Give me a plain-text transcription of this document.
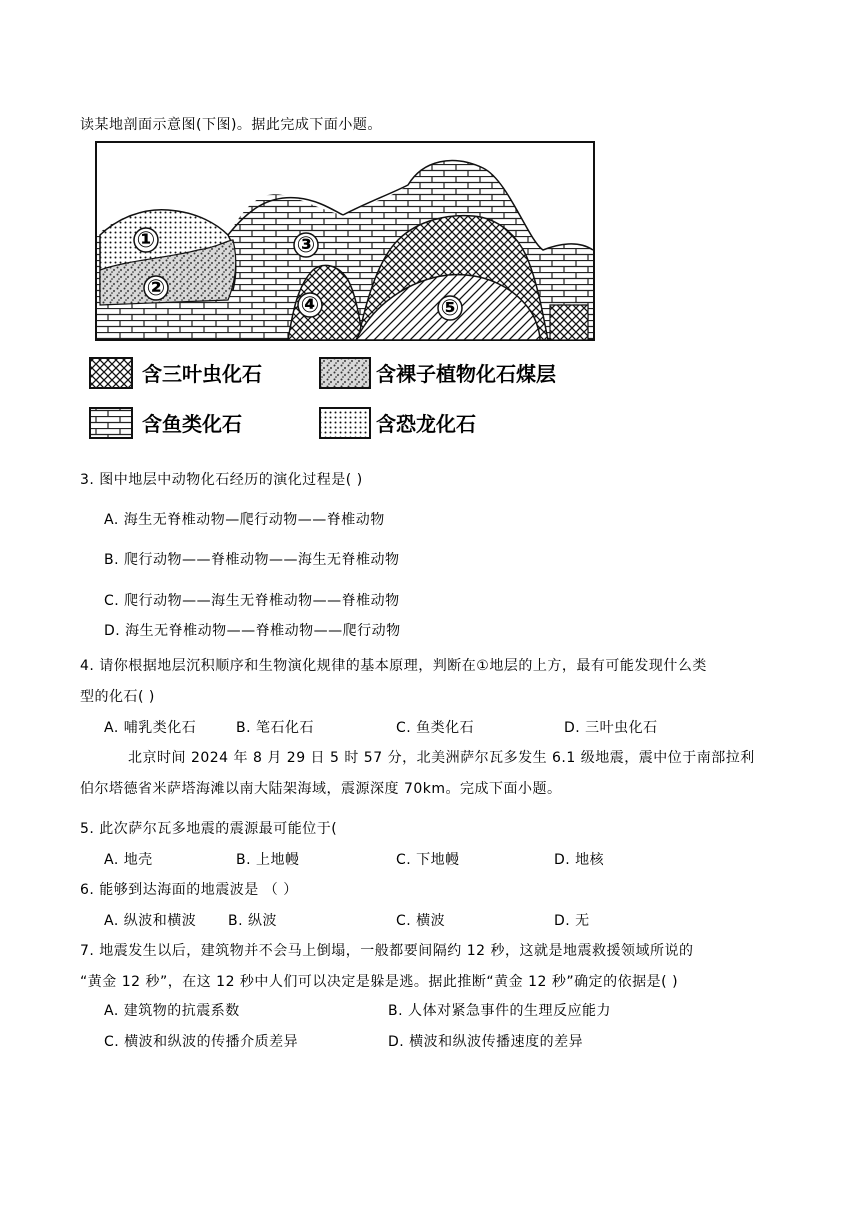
读某地剖面示意图(下图)。据此完成下面小题。
①
②
③
④	⑤
含三叶虫化石	含裸子植物化石煤层
含鱼类化石	含恐龙化石
3. 图中地层中动物化石经历的演化过程是( )
A. 海生无脊椎动物—爬行动物——脊椎动物
B. 爬行动物——脊椎动物——海生无脊椎动物
C. 爬行动物——海生无脊椎动物——脊椎动物
D. 海生无脊椎动物——脊椎动物——爬行动物
4. 请你根据地层沉积顺序和生物演化规律的基本原理，判断在①地层的上方，最有可能发现什么类
型的化石( )
A. 哺乳类化石	B. 笔石化石	C. 鱼类化石	D. 三叶虫化石
北京时间 2024 年 8 月 29 日 5 时 57 分，北美洲萨尔瓦多发生 6.1 级地震，震中位于南部拉利
伯尔塔德省米萨塔海滩以南大陆架海域，震源深度 70km。完成下面小题。
5. 此次萨尔瓦多地震的震源最可能位于(
A. 地壳	B. 上地幔	C. 下地幔	D. 地核
6. 能够到达海面的地震波是 （ ）
A. 纵波和横波 B. 纵波	C. 横波	D. 无
7. 地震发生以后，建筑物并不会马上倒塌，一般都要间隔约 12 秒，这就是地震救援领域所说的
“黄金 12 秒”，在这 12 秒中人们可以决定是躲是逃。据此推断“黄金 12 秒”确定的依据是( )
A. 建筑物的抗震系数	B. 人体对紧急事件的生理反应能力
C. 横波和纵波的传播介质差异	D. 横波和纵波传播速度的差异
